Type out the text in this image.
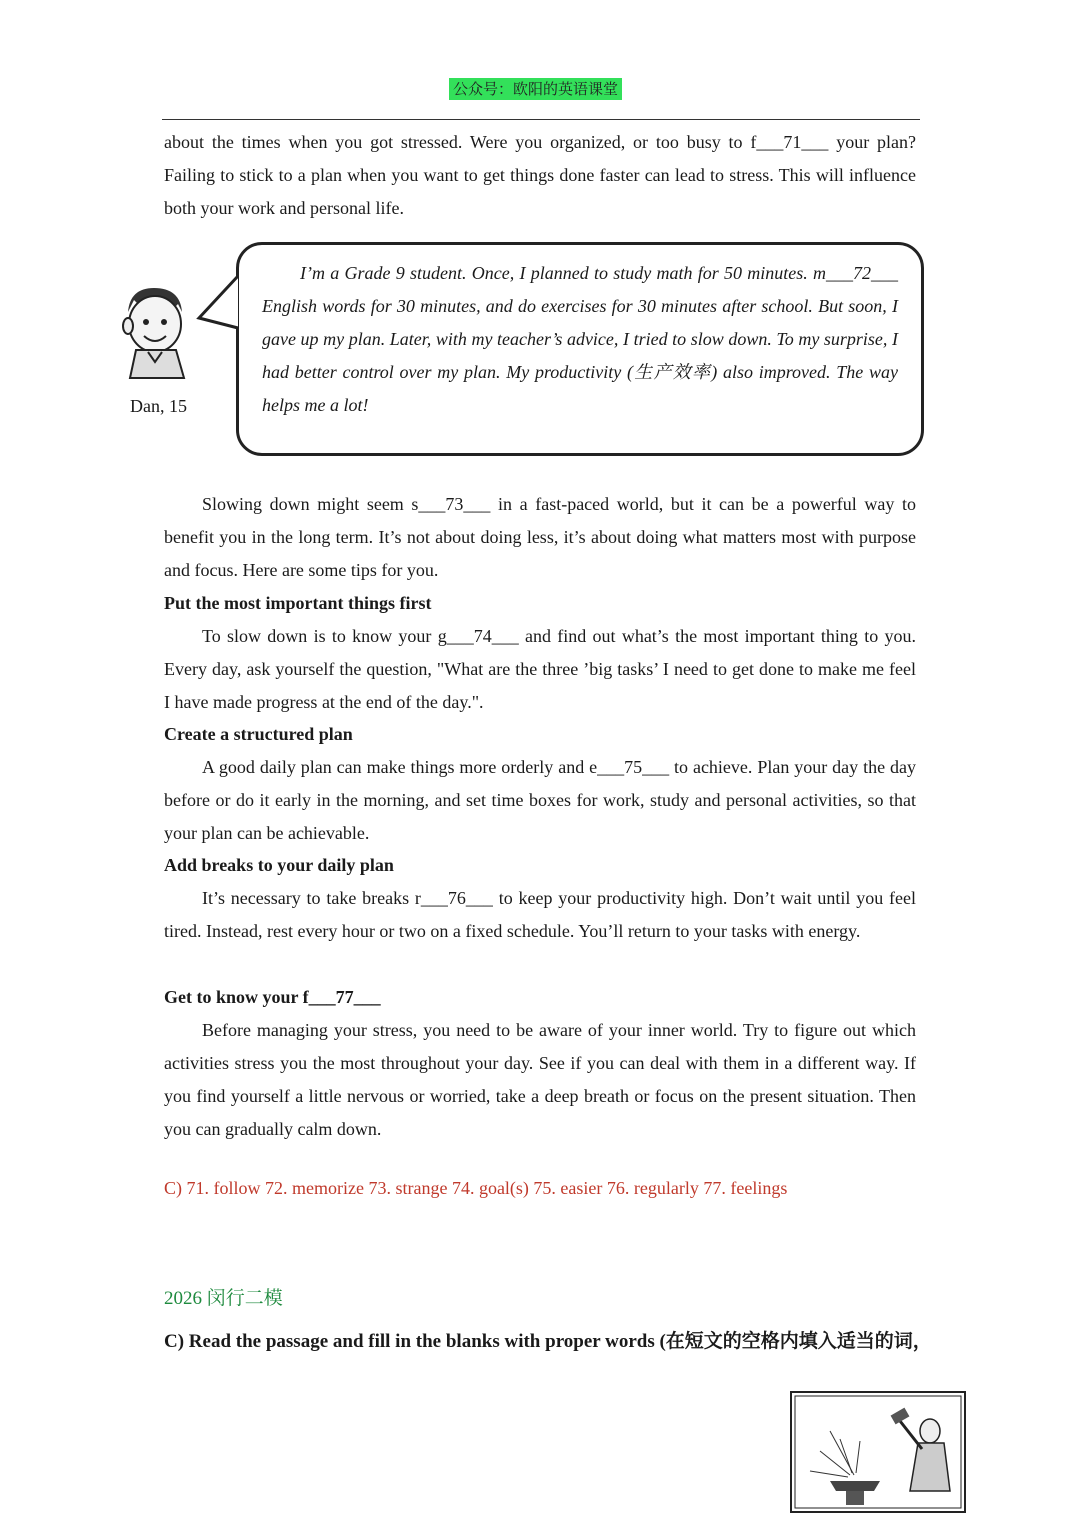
公众号：欧阳的英语课堂

about the times when you got stressed. Were you organized, or too busy to f___71___ your plan? Failing to stick to a plan when you want to get things done faster can lead to stress. This will influence both your work and personal life.

Dan, 15

I’m a Grade 9 student. Once, I planned to study math for 50 minutes. m___72___ English words for 30 minutes, and do exercises for 30 minutes after school. But soon, I gave up my plan. Later, with my teacher’s advice, I tried to slow down. To my surprise, I had better control over my plan. My productivity (生产效率) also improved. The way helps me a lot!

Slowing down might seem s___73___ in a fast-paced world, but it can be a powerful way to benefit you in the long term. It’s not about doing less, it’s about doing what matters most with purpose and focus. Here are some tips for you.

Put the most important things first

To slow down is to know your g___74___ and find out what’s the most important thing to you. Every day, ask yourself the question, "What are the three ’big tasks’ I need to get done to make me feel I have made progress at the end of the day.".

Create a structured plan

A good daily plan can make things more orderly and e___75___ to achieve. Plan your day the day before or do it early in the morning, and set time boxes for work, study and personal activities, so that your plan can be achievable.

Add breaks to your daily plan

It’s necessary to take breaks r___76___ to keep your productivity high. Don’t wait until you feel tired. Instead, rest every hour or two on a fixed schedule. You’ll return to your tasks with energy.

Get to know your f___77___

Before managing your stress, you need to be aware of your inner world. Try to figure out which activities stress you the most throughout your day. See if you can deal with them in a different way. If you find yourself a little nervous or worried, take a deep breath or focus on the present situation. Then you can gradually calm down.

C) 71. follow 72. memorize 73. strange 74. goal(s) 75. easier 76. regularly 77. feelings
2026 闵行二模
C) Read the passage and fill in the blanks with proper words (在短文的空格内填入适当的词，
